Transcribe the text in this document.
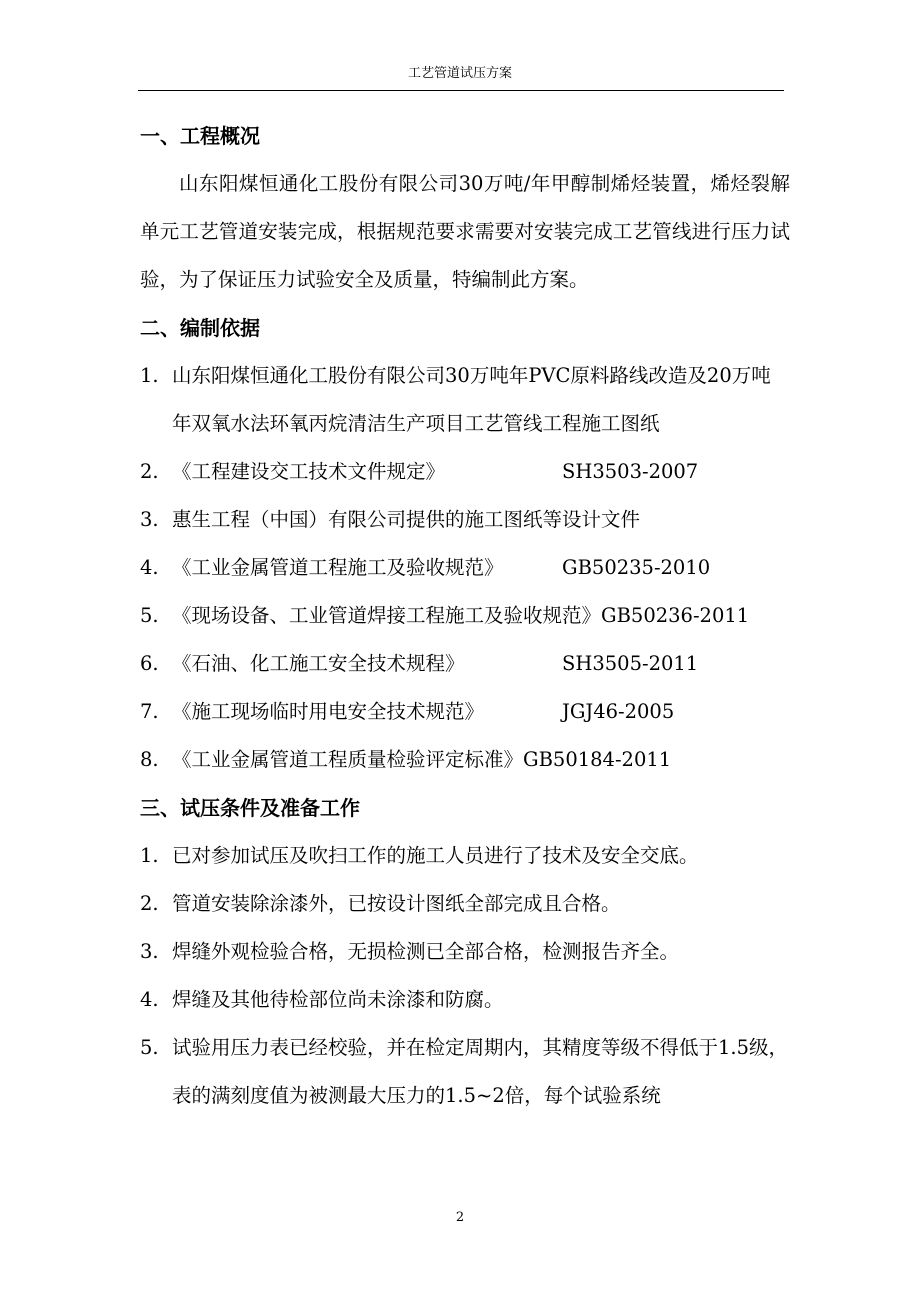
工艺管道试压方案
一、工程概况
山东阳煤恒通化工股份有限公司30万吨/年甲醇制烯烃装置，烯烃裂解单元工艺管道安装完成，根据规范要求需要对安装完成工艺管线进行压力试验，为了保证压力试验安全及质量，特编制此方案。
二、编制依据
1. 山东阳煤恒通化工股份有限公司30万吨年PVC原料路线改造及20万吨年双氧水法环氧丙烷清洁生产项目工艺管线工程施工图纸
2. 《工程建设交工技术文件规定》	SH3503-2007
3. 惠生工程（中国）有限公司提供的施工图纸等设计文件
4. 《工业金属管道工程施工及验收规范》	GB50235-2010
5. 《现场设备、工业管道焊接工程施工及验收规范》GB50236-2011
6. 《石油、化工施工安全技术规程》	SH3505-2011
7. 《施工现场临时用电安全技术规范》	JGJ46-2005
8. 《工业金属管道工程质量检验评定标准》GB50184-2011
三、试压条件及准备工作
1. 已对参加试压及吹扫工作的施工人员进行了技术及安全交底。
2. 管道安装除涂漆外，已按设计图纸全部完成且合格。
3. 焊缝外观检验合格，无损检测已全部合格，检测报告齐全。
4. 焊缝及其他待检部位尚未涂漆和防腐。
5. 试验用压力表已经校验，并在检定周期内，其精度等级不得低于1.5级，表的满刻度值为被测最大压力的1.5~2倍，每个试验系统
2
